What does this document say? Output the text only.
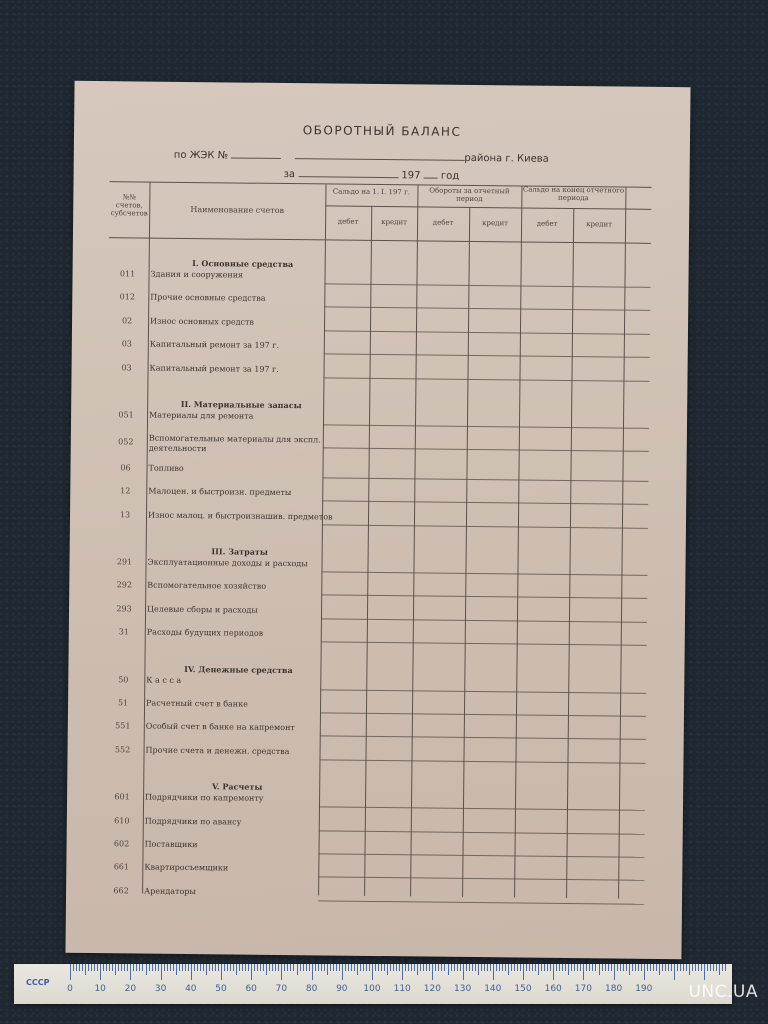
ОБОРОТНЫЙ БАЛАНС
по ЖЭК №	района г. Киева
за	197 год
№№ счетов, субсчетов	Наименование счетов
Сальдо на 1. I. 197 г.	Обороты за отчетный период
Сальдо на конец отчетного периода
дебет	кредит	дебет	кредит	дебет	кредит
I. Основные средства
011	Здания и сооружения
012	Прочие основные средства
02	Износ основных средств
03	Капитальный ремонт за 197 г.
03	Капитальный ремонт за 197 г.
II. Материальные запасы
051	Материалы для ремонта
052	Вспомогательные материалы для экспл. деятельности
06	Топливо
12	Малоцен. и быстроизн. предметы
13	Износ малоц. и быстроизнашив. предметов
III. Затраты
291	Эксплуатационные доходы и расходы
292	Вспомогательное хозяйство
293	Целевые сборы и расходы
31	Расходы будущих периодов
IV. Денежные средства
50	К а с с а
51	Расчетный счет в банке
551	Особый счет в банке на капремонт
552	Прочие счета и денежн. средства
V. Расчеты
601	Подрядчики по капремонту
610	Подрядчики по авансу
602	Поставщики
661	Квартиросъемщики
662	Арендаторы
СССР
0 10 20 30 40 50 60 70 80 90 100 110 120 130 140 150 160 170 180 190 UNC.UA
